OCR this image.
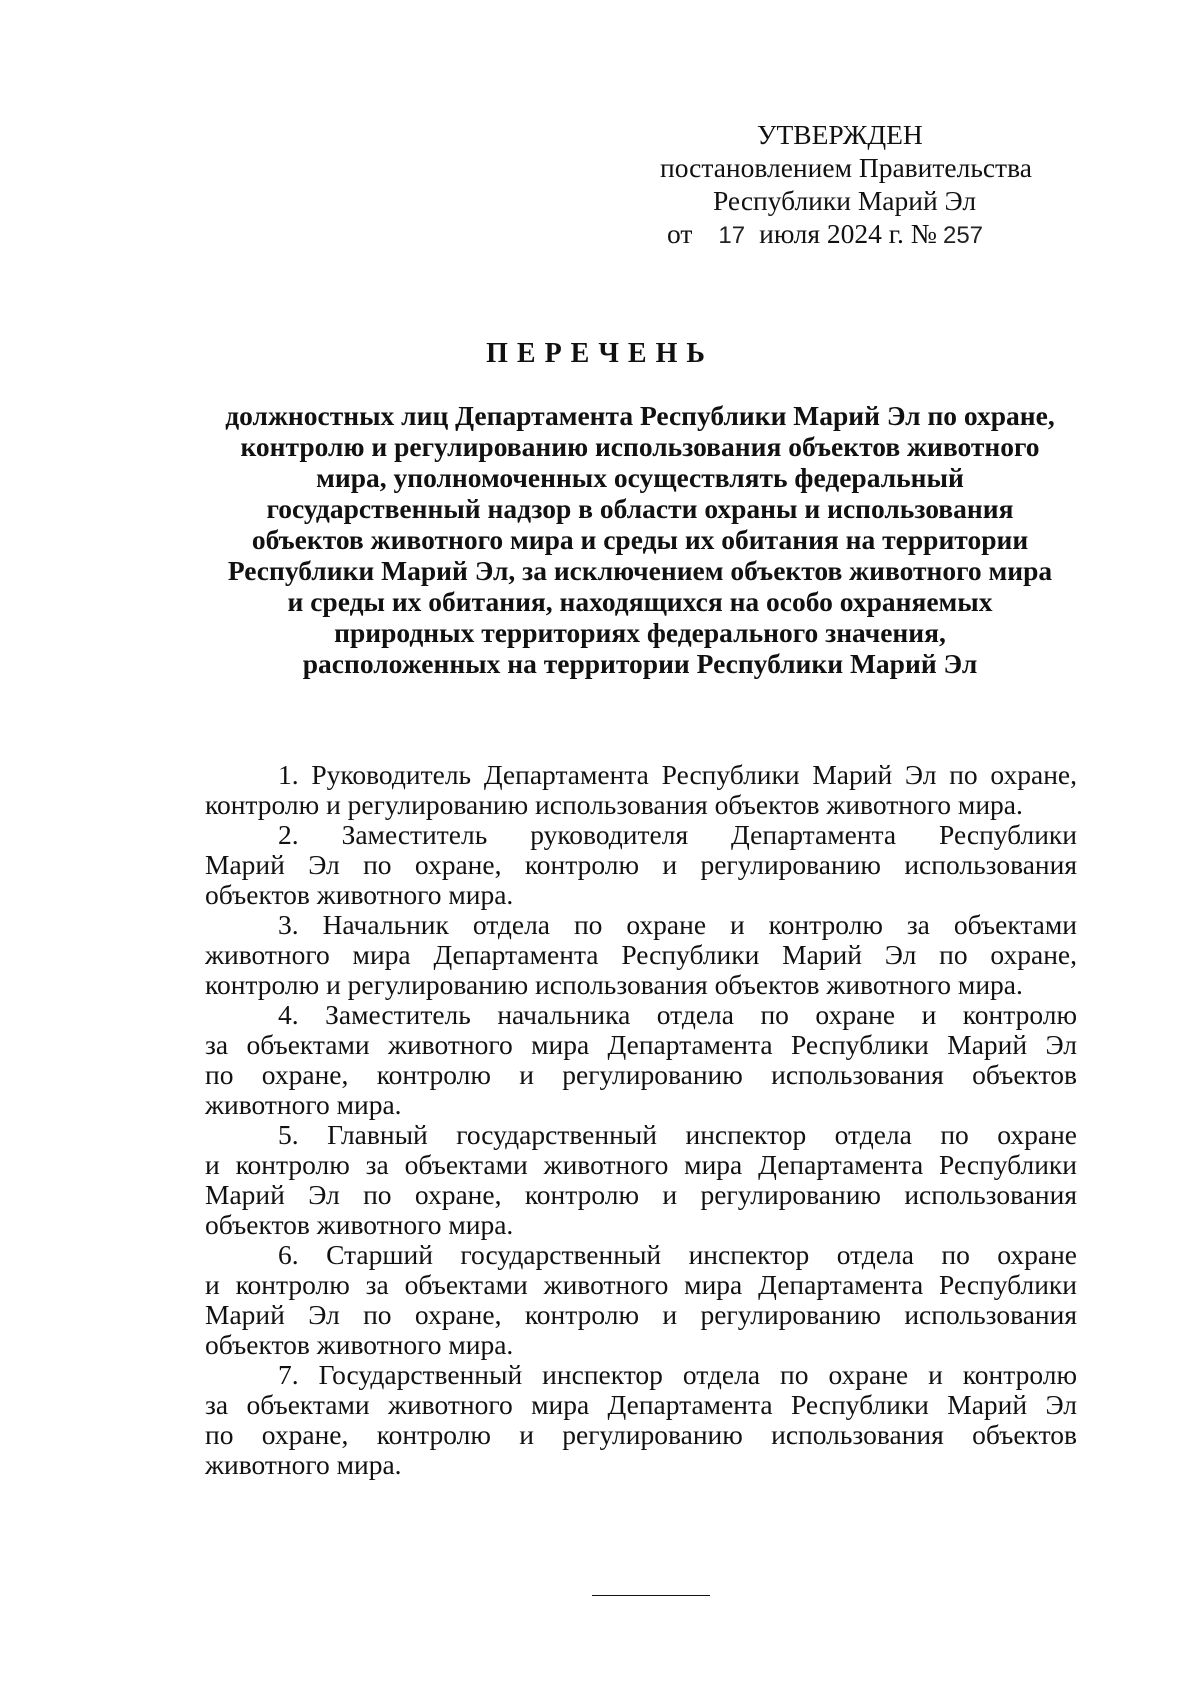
УТВЕРЖДЕН
постановлением Правительства
Республики Марий Эл
от 17 июля 2024 г. № 257
ПЕРЕЧЕНЬ
должностных лиц Департамента Республики Марий Эл по охране,
контролю и регулированию использования объектов животного
мира, уполномоченных осуществлять федеральный
государственный надзор в области охраны и использования
объектов животного мира и среды их обитания на территории
Республики Марий Эл, за исключением объектов животного мира
и среды их обитания, находящихся на особо охраняемых
природных территориях федерального значения,
расположенных на территории Республики Марий Эл
1. Руководитель Департамента Республики Марий Эл по охране,
контролю и регулированию использования объектов животного мира.
2. Заместитель руководителя Департамента Республики
Марий Эл по охране, контролю и регулированию использования
объектов животного мира.
3. Начальник отдела по охране и контролю за объектами
животного мира Департамента Республики Марий Эл по охране,
контролю и регулированию использования объектов животного мира.
4. Заместитель начальника отдела по охране и контролю
за объектами животного мира Департамента Республики Марий Эл
по охране, контролю и регулированию использования объектов
животного мира.
5. Главный государственный инспектор отдела по охране
и контролю за объектами животного мира Департамента Республики
Марий Эл по охране, контролю и регулированию использования
объектов животного мира.
6. Старший государственный инспектор отдела по охране
и контролю за объектами животного мира Департамента Республики
Марий Эл по охране, контролю и регулированию использования
объектов животного мира.
7. Государственный инспектор отдела по охране и контролю
за объектами животного мира Департамента Республики Марий Эл
по охране, контролю и регулированию использования объектов
животного мира.
